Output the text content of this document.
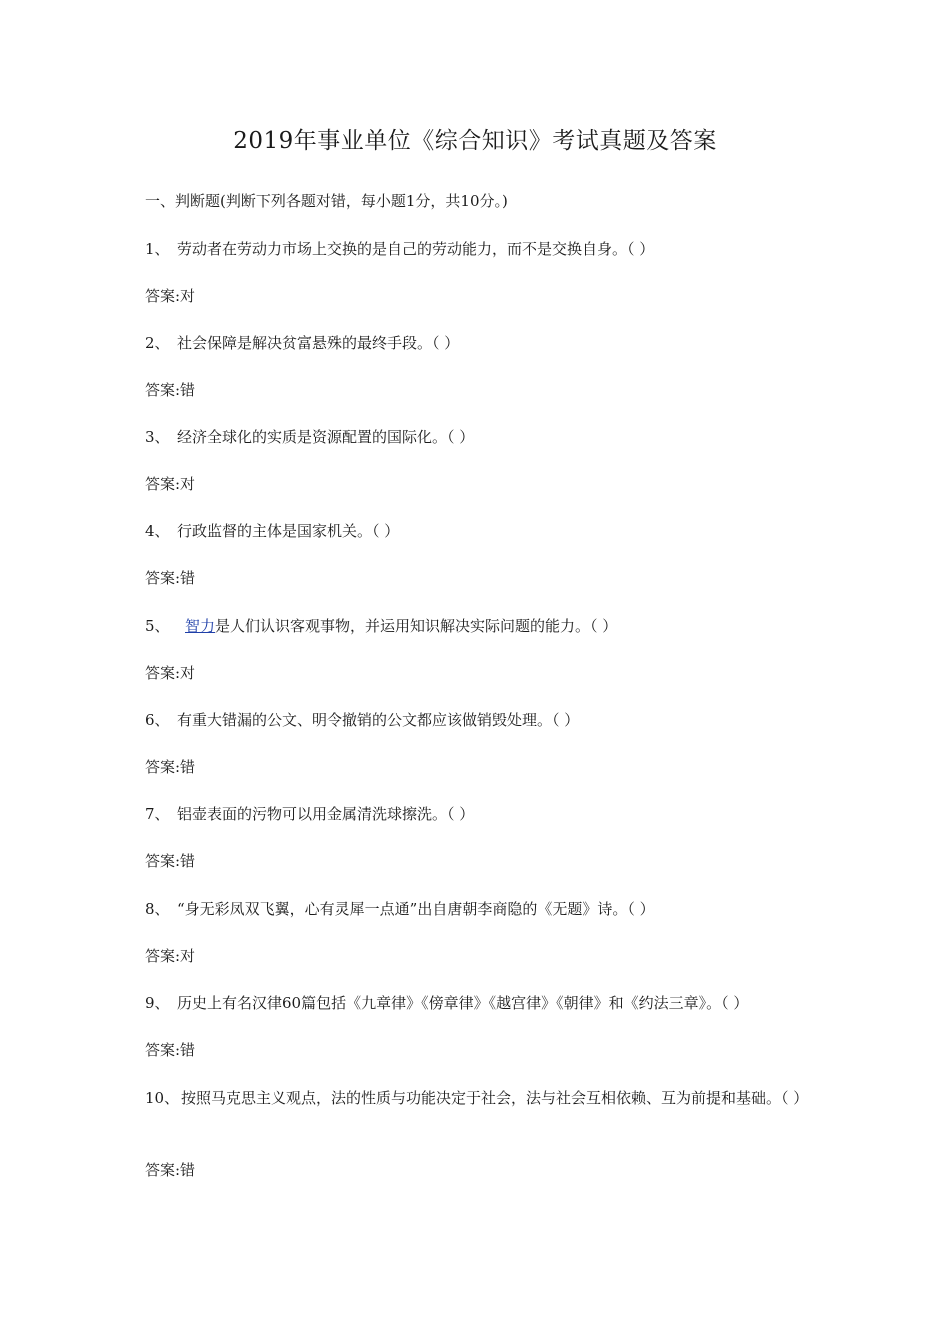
2019年事业单位《综合知识》考试真题及答案
一、判断题(判断下列各题对错，每小题1分，共10分。)
1、 劳动者在劳动力市场上交换的是自己的劳动能力，而不是交换自身。（ ）
答案:对
2、 社会保障是解决贫富悬殊的最终手段。（ ）
答案:错
3、 经济全球化的实质是资源配置的国际化。（ ）
答案:对
4、 行政监督的主体是国家机关。（ ）
答案:错
5、 智力是人们认识客观事物，并运用知识解决实际问题的能力。（ ）
答案:对
6、 有重大错漏的公文、明令撤销的公文都应该做销毁处理。（ ）
答案:错
7、 铝壶表面的污物可以用金属清洗球擦洗。（ ）
答案:错
8、 “身无彩凤双飞翼，心有灵犀一点通”出自唐朝李商隐的《无题》诗。（ ）
答案:对
9、 历史上有名汉律60篇包括《九章律》《傍章律》《越宫律》《朝律》和《约法三章》。（ ）
答案:错
10、 按照马克思主义观点，法的性质与功能决定于社会，法与社会互相依赖、互为前提和基础。（ ）
答案:错
